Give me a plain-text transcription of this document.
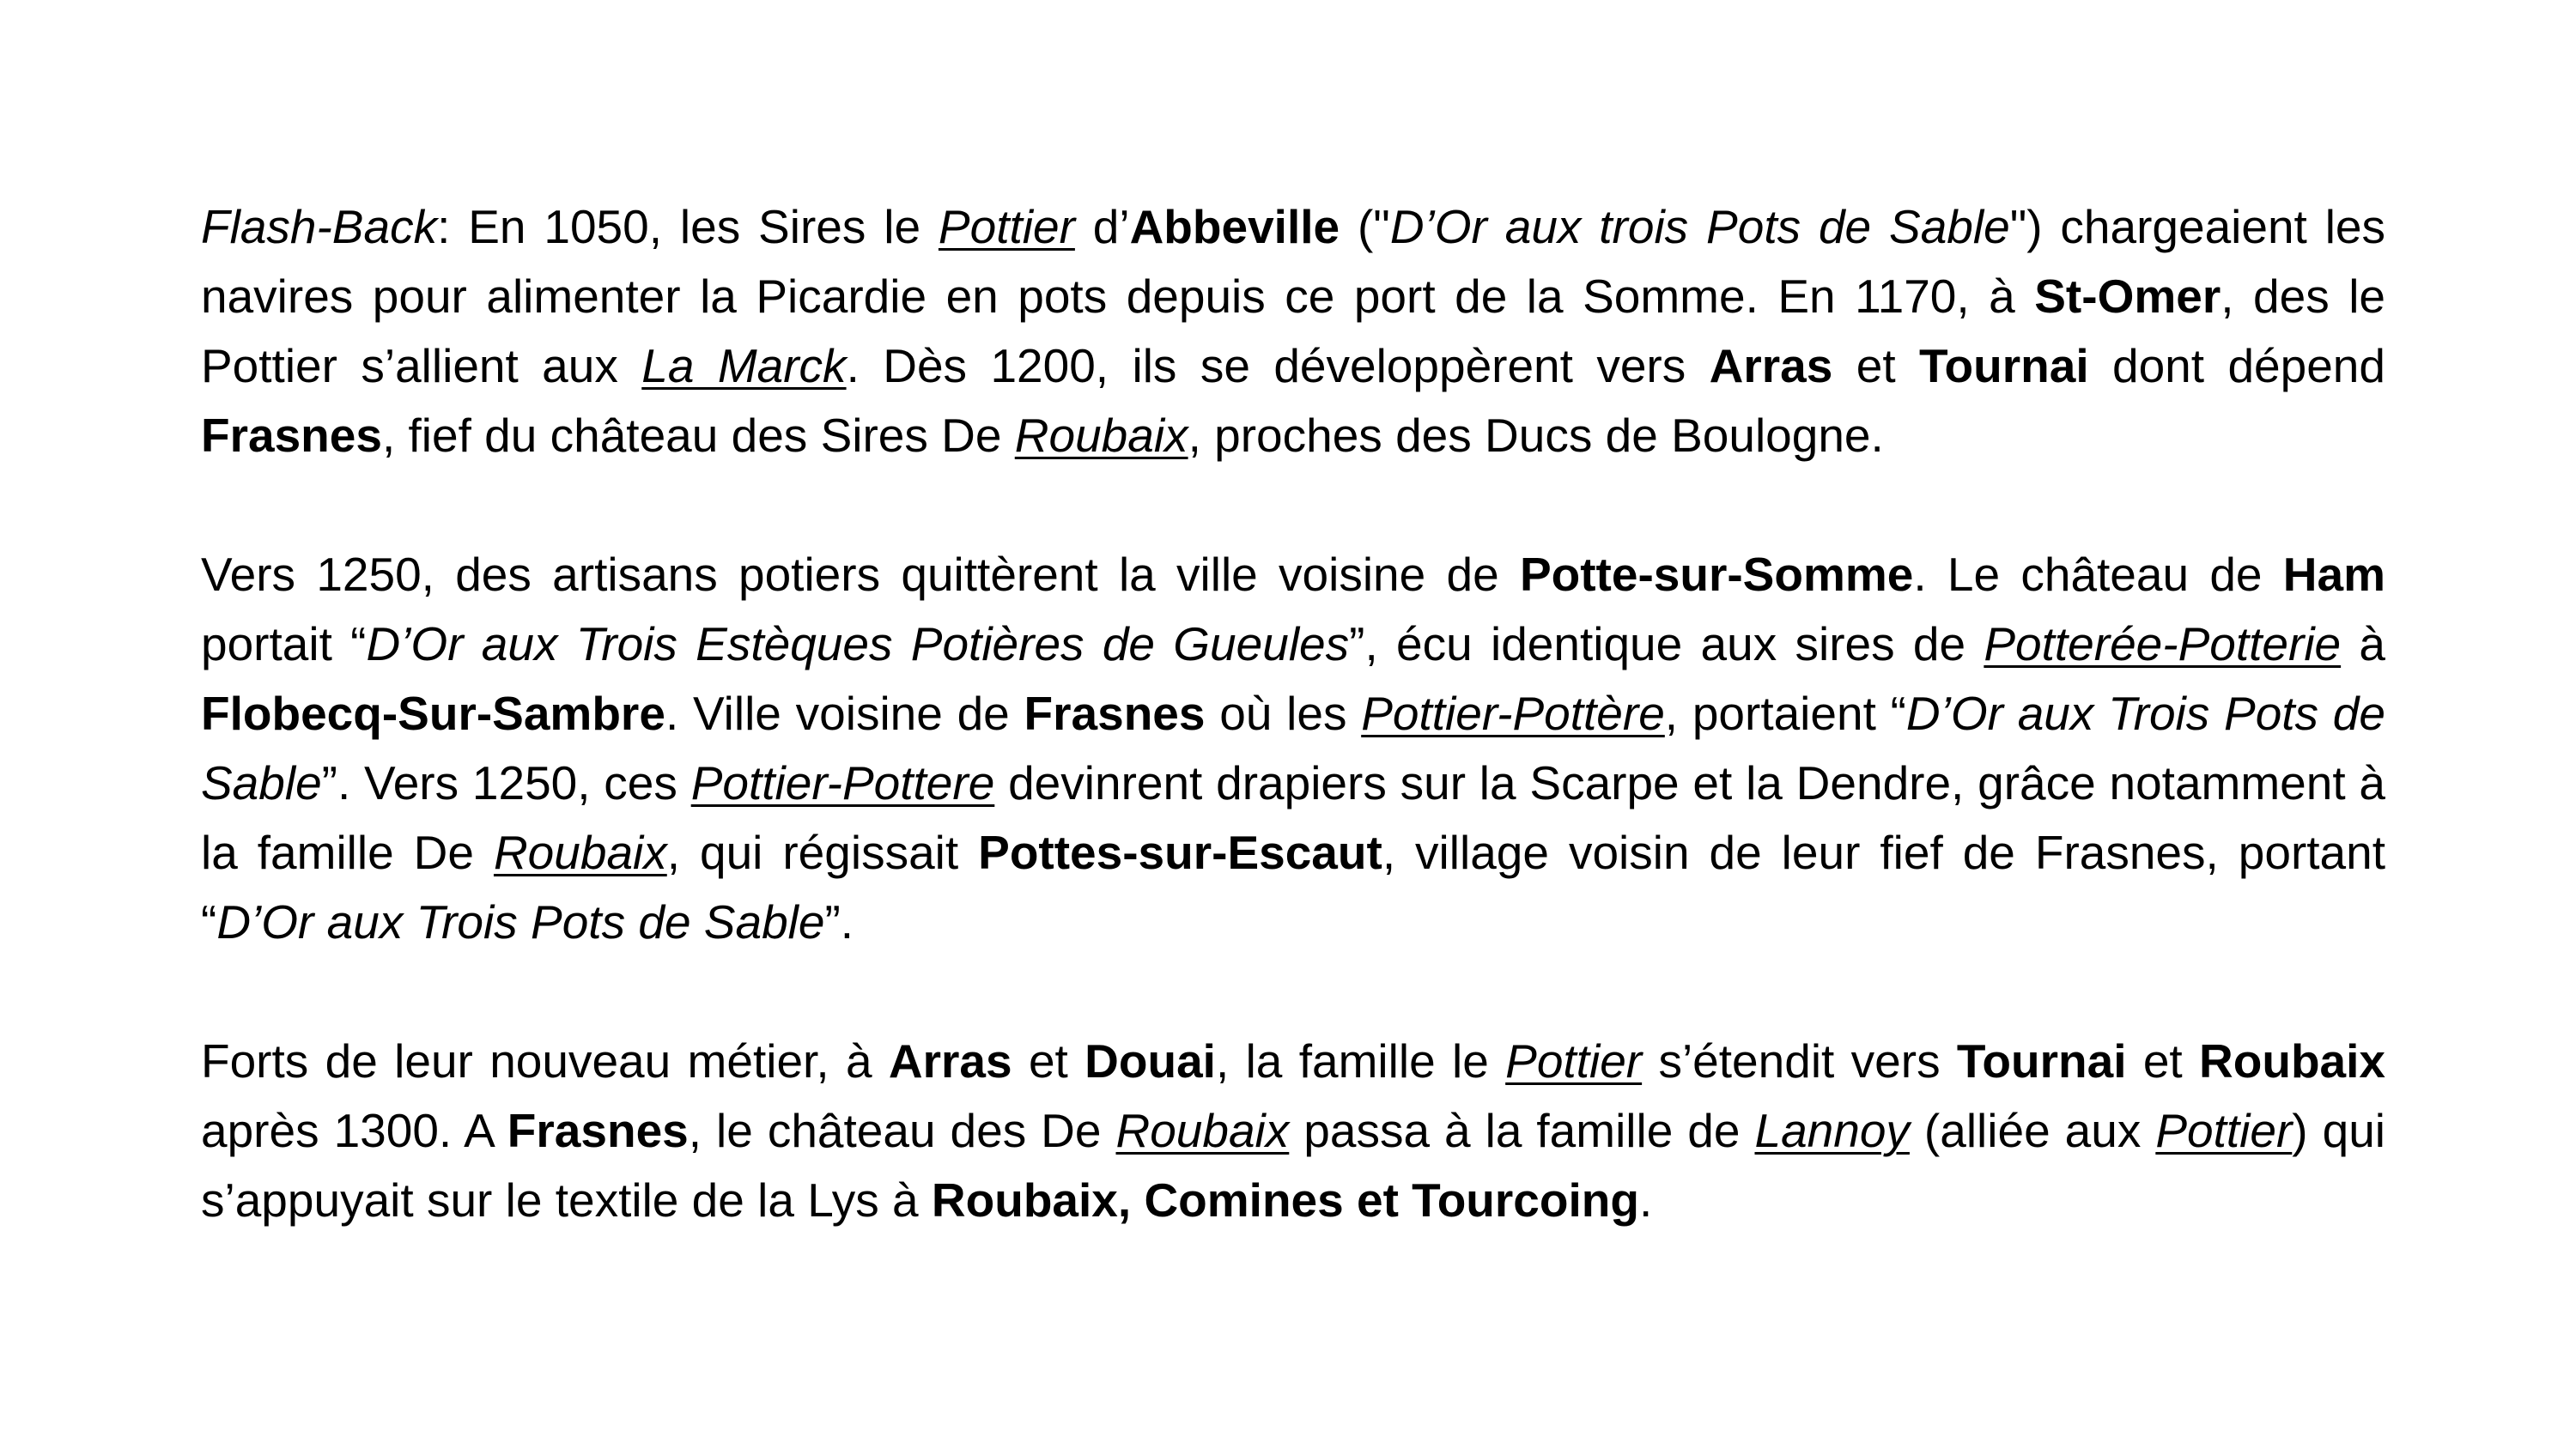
Flash-Back: En 1050, les Sires le Pottier d’Abbeville ("D’Or aux trois Pots de Sable") chargeaient les navires pour alimenter la Picardie en pots depuis ce port de la Somme. En 1170, à St-Omer, des le Pottier s’allient aux La Marck. Dès 1200, ils se développèrent vers Arras et Tournai dont dépend Frasnes, fief du château des Sires De Roubaix, proches des Ducs de Boulogne.

Vers 1250, des artisans potiers quittèrent la ville voisine de Potte-sur-Somme. Le château de Ham portait “D’Or aux Trois Estèques Potières de Gueules”, écu identique aux sires de Potterée-Potterie à Flobecq-Sur-Sambre. Ville voisine de Frasnes où les Pottier-Pottère, portaient “D’Or aux Trois Pots de Sable”. Vers 1250, ces Pottier-Pottere devinrent drapiers sur la Scarpe et la Dendre, grâce notamment à la famille De Roubaix, qui régissait Pottes-sur-Escaut, village voisin de leur fief de Frasnes, portant “D’Or aux Trois Pots de Sable”.

Forts de leur nouveau métier, à Arras et Douai, la famille le Pottier s’étendit vers Tournai et Roubaix après 1300. A Frasnes, le château des De Roubaix passa à la famille de Lannoy (alliée aux Pottier) qui s’appuyait sur le textile de la Lys à Roubaix, Comines et Tourcoing.
